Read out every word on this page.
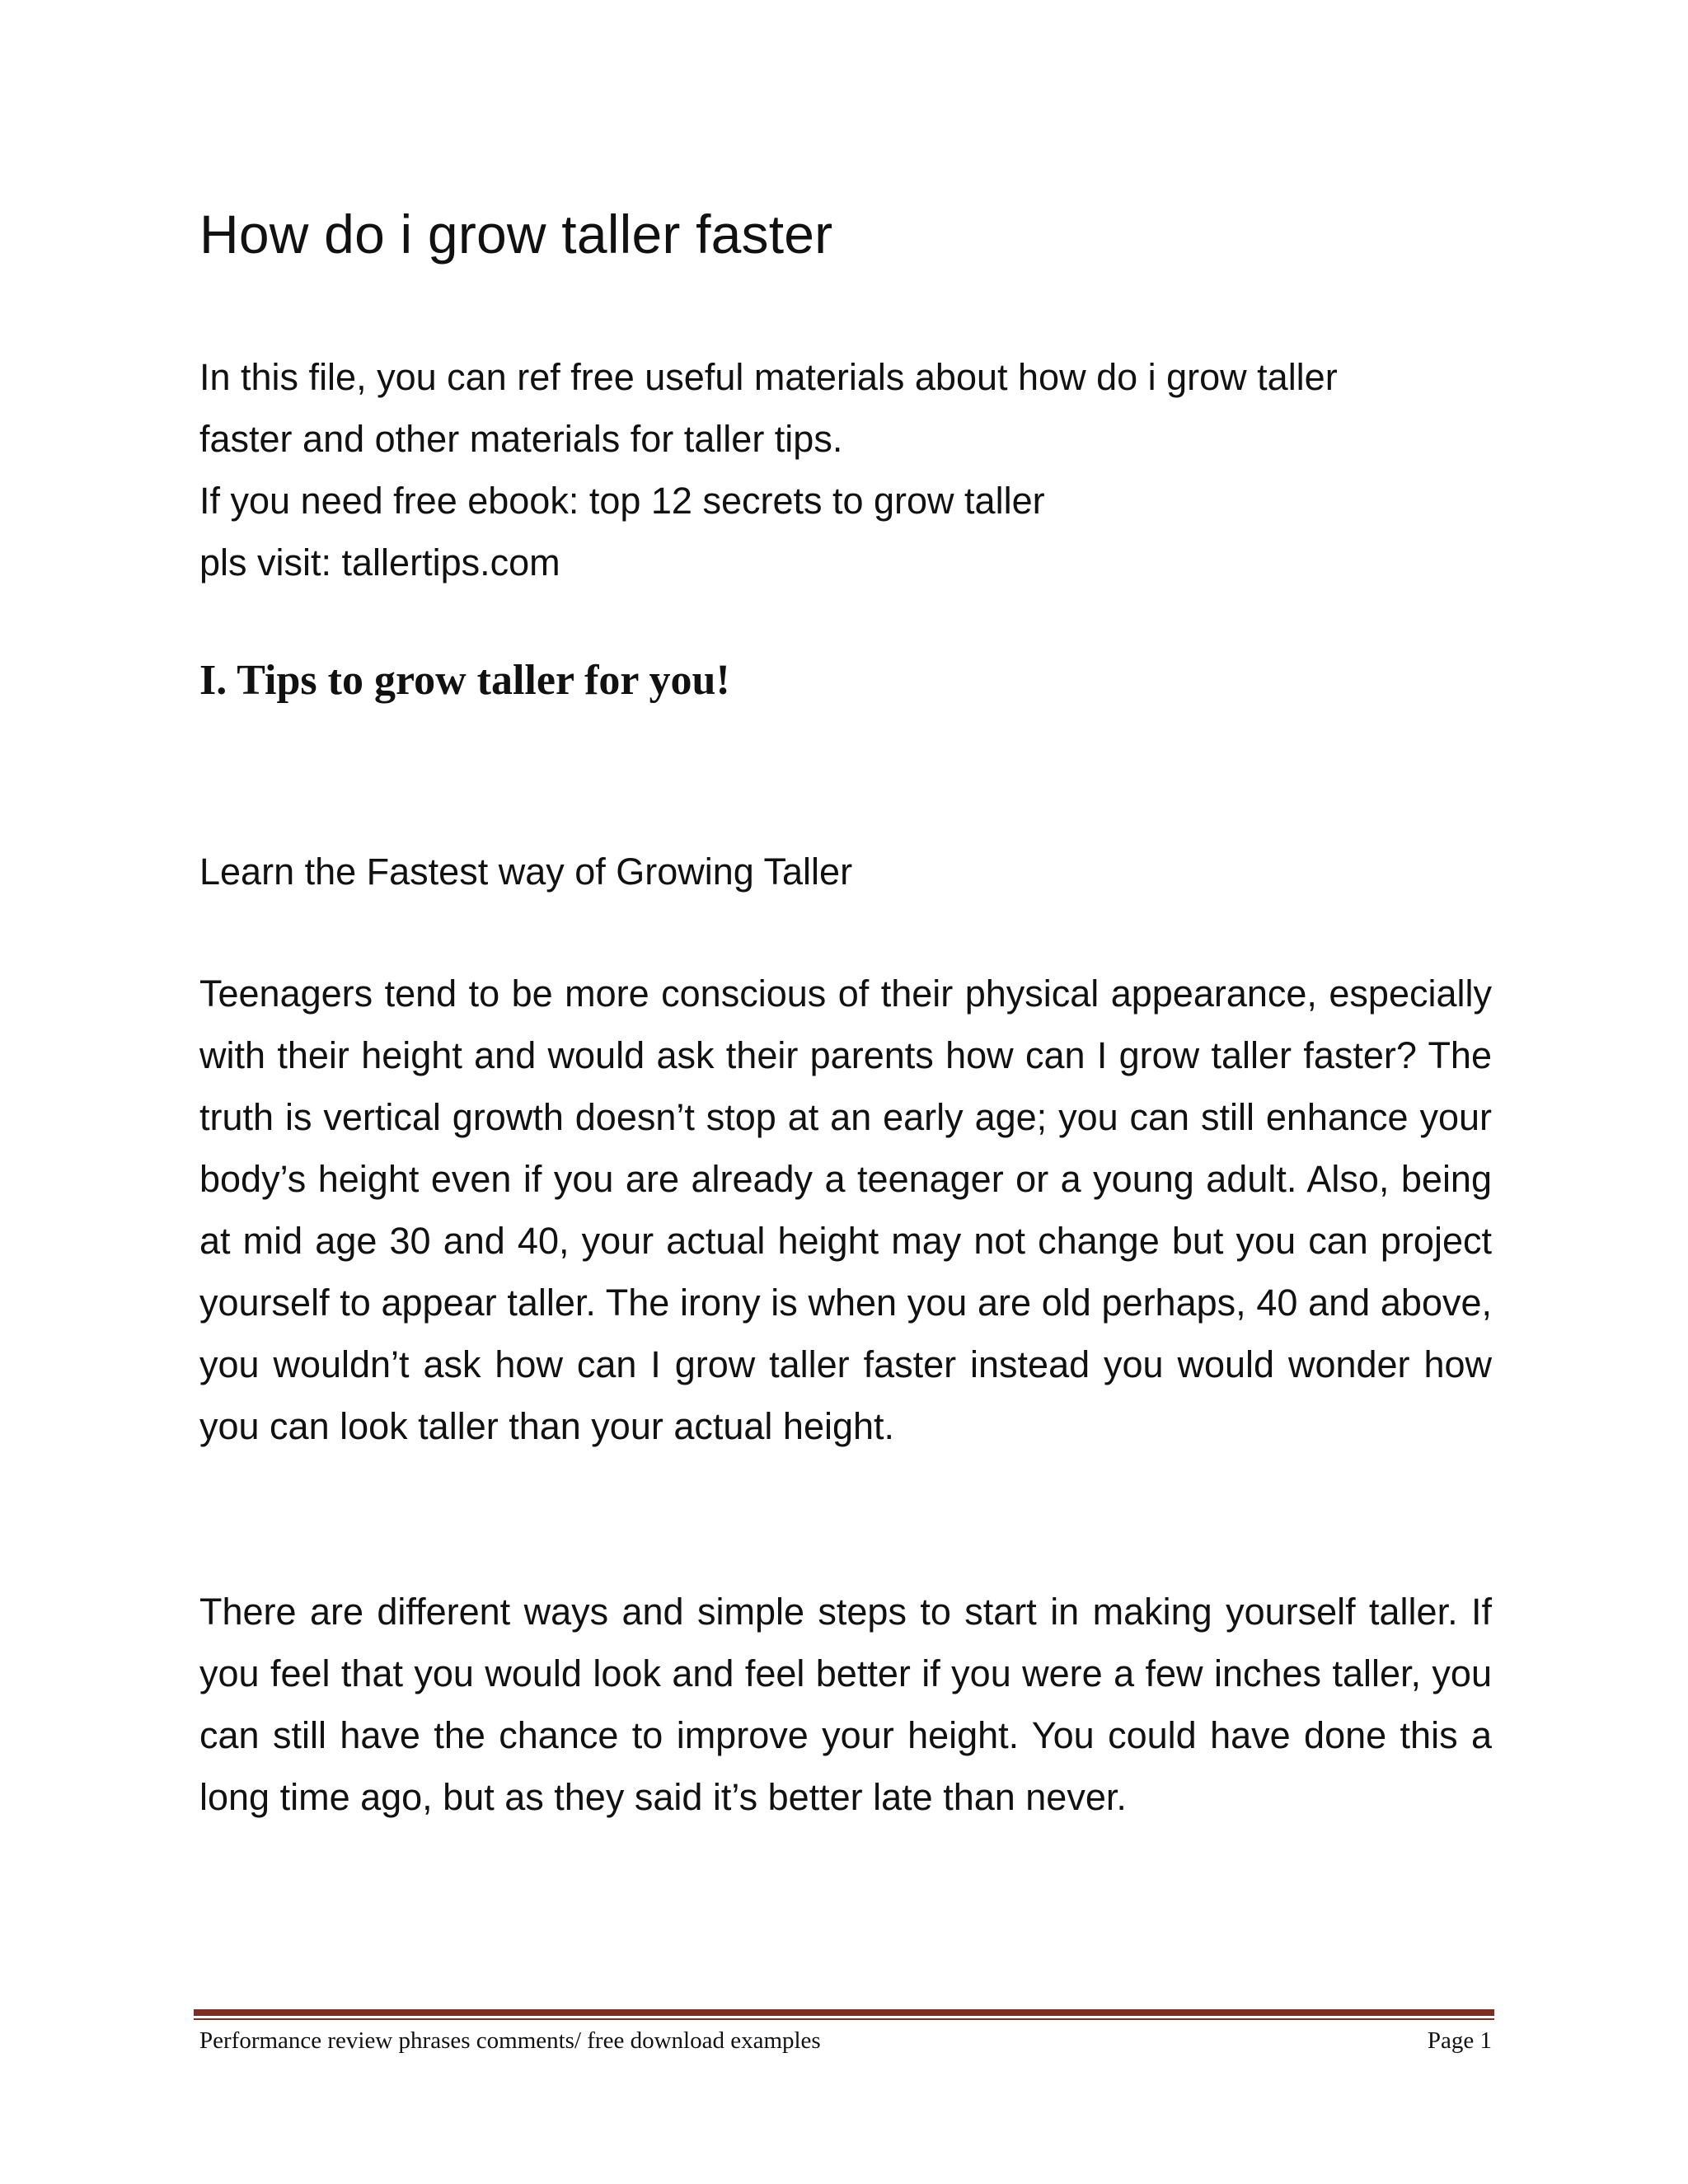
How do i grow taller faster

In this file, you can ref free useful materials about how do i grow taller
faster and other materials for taller tips.
If you need free ebook: top 12 secrets to grow taller
pls visit: tallertips.com

I. Tips to grow taller for you!
Learn the Fastest way of Growing Taller

Teenagers tend to be more conscious of their physical appearance, especially with their height and would ask their parents how can I grow taller faster? The truth is vertical growth doesn’t stop at an early age; you can still enhance your body’s height even if you are already a teenager or a young adult. Also, being at mid age 30 and 40, your actual height may not change but you can project yourself to appear taller. The irony is when you are old perhaps, 40 and above, you wouldn’t ask how can I grow taller faster instead you would wonder how you can look taller than your actual height.

There are different ways and simple steps to start in making yourself taller. If you feel that you would look and feel better if you were a few inches taller, you can still have the chance to improve your height. You could have done this a long time ago, but as they said it’s better late than never.

Performance review phrases comments/ free download examples	Page 1
